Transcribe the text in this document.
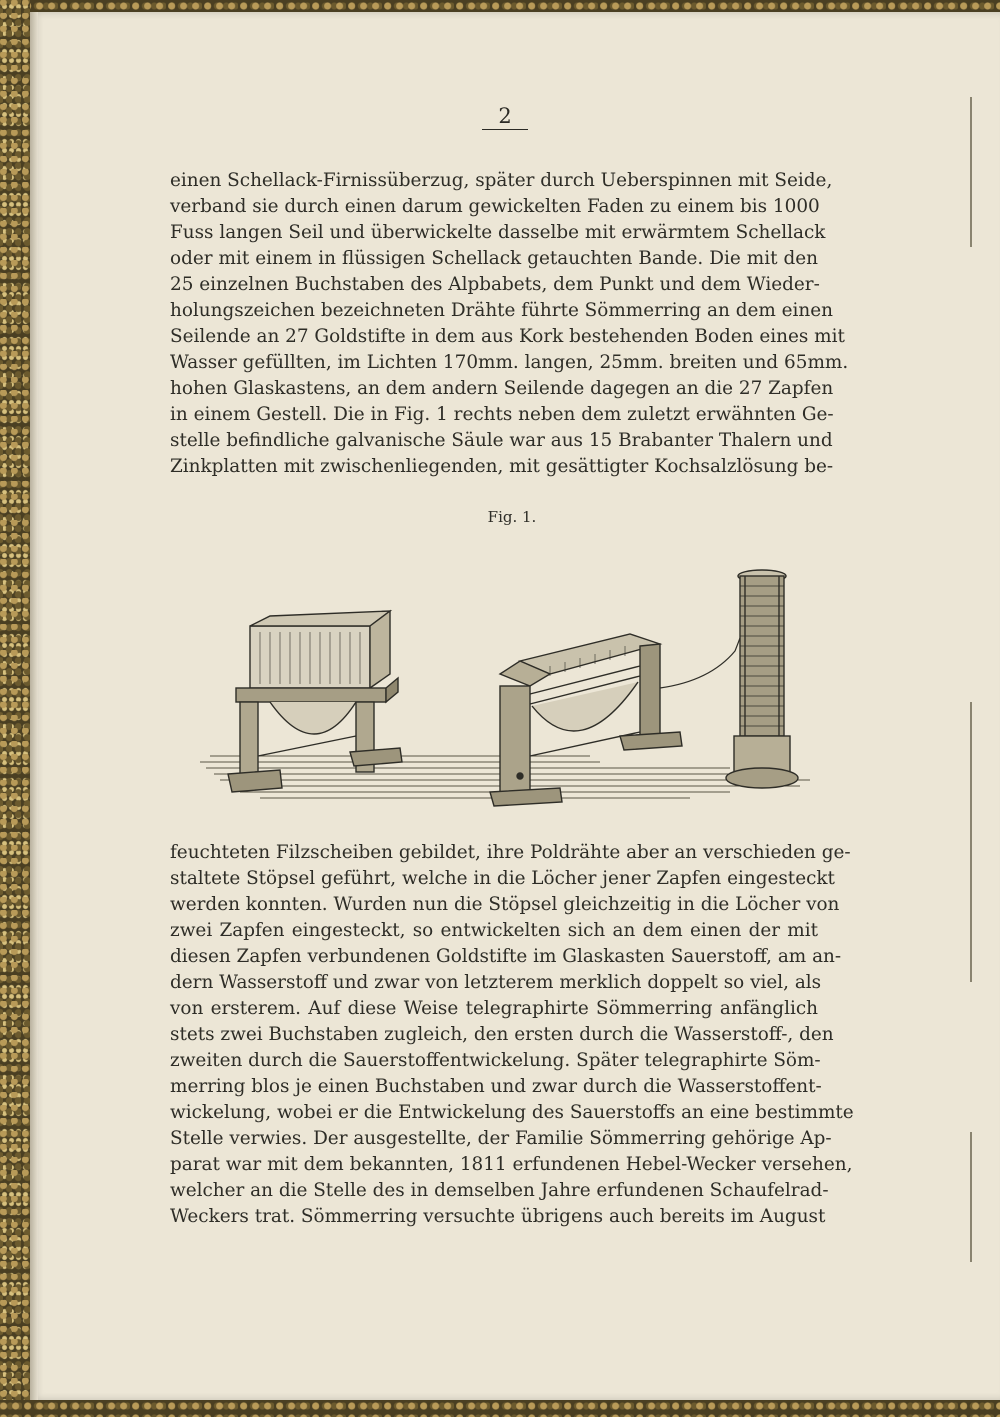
2
einen Schellack-Firnissüberzug, später durch Ueberspinnen mit Seide,
verband sie durch einen darum gewickelten Faden zu einem bis 1000
Fuss langen Seil und überwickelte dasselbe mit erwärmtem Schellack
oder mit einem in flüssigen Schellack getauchten Bande. Die mit den
25 einzelnen Buchstaben des Alpbabets, dem Punkt und dem Wieder-
holungszeichen bezeichneten Drähte führte Sömmerring an dem einen
Seilende an 27 Goldstifte in dem aus Kork bestehenden Boden eines mit
Wasser gefüllten, im Lichten 170mm. langen, 25mm. breiten und 65mm.
hohen Glaskastens, an dem andern Seilende dagegen an die 27 Zapfen
in einem Gestell. Die in Fig. 1 rechts neben dem zuletzt erwähnten Ge-
stelle befindliche galvanische Säule war aus 15 Brabanter Thalern und
Zinkplatten mit zwischenliegenden, mit gesättigter Kochsalzlösung be-
Fig. 1.
feuchteten Filzscheiben gebildet, ihre Poldrähte aber an verschieden ge-
staltete Stöpsel geführt, welche in die Löcher jener Zapfen eingesteckt
werden konnten. Wurden nun die Stöpsel gleichzeitig in die Löcher von
zwei Zapfen eingesteckt, so entwickelten sich an dem einen der mit
diesen Zapfen verbundenen Goldstifte im Glaskasten Sauerstoff, am an-
dern Wasserstoff und zwar von letzterem merklich doppelt so viel, als
von ersterem. Auf diese Weise telegraphirte Sömmerring anfänglich
stets zwei Buchstaben zugleich, den ersten durch die Wasserstoff-, den
zweiten durch die Sauerstoffentwickelung. Später telegraphirte Söm-
merring blos je einen Buchstaben und zwar durch die Wasserstoffent-
wickelung, wobei er die Entwickelung des Sauerstoffs an eine bestimmte
Stelle verwies. Der ausgestellte, der Familie Sömmerring gehörige Ap-
parat war mit dem bekannten, 1811 erfundenen Hebel-Wecker versehen,
welcher an die Stelle des in demselben Jahre erfundenen Schaufelrad-
Weckers trat. Sömmerring versuchte übrigens auch bereits im August
